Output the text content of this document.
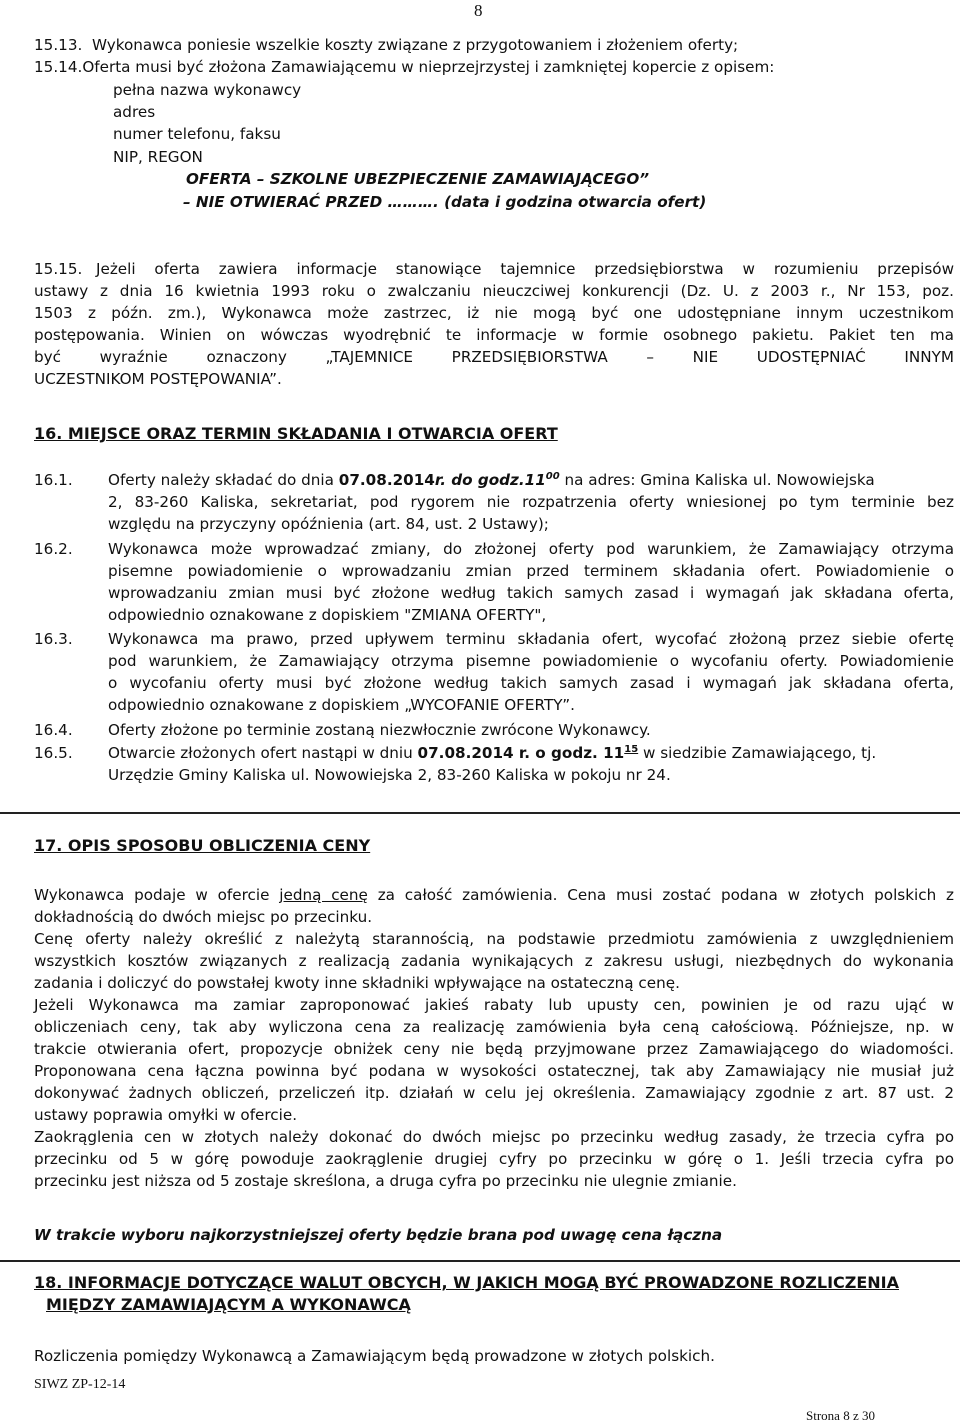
8
15.13. Wykonawca poniesie wszelkie koszty związane z przygotowaniem i złożeniem oferty;
15.14.Oferta musi być złożona Zamawiającemu w nieprzejrzystej i zamkniętej kopercie z opisem:
pełna nazwa wykonawcy
adres
numer telefonu, faksu
NIP, REGON
OFERTA – SZKOLNE UBEZPIECZENIE ZAMAWIAJĄCEGO”
– NIE OTWIERAĆ PRZED ………. (data i godzina otwarcia ofert)
15.15. Jeżeli oferta zawiera informacje stanowiące tajemnice przedsiębiorstwa w rozumieniu przepisów
ustawy z dnia 16 kwietnia 1993 roku o zwalczaniu nieuczciwej konkurencji (Dz. U. z 2003 r., Nr 153, poz.
1503 z późn. zm.), Wykonawca może zastrzec, iż nie mogą być one udostępniane innym uczestnikom
postępowania. Winien on wówczas wyodrębnić te informacje w formie osobnego pakietu. Pakiet ten ma
być wyraźnie oznaczony „TAJEMNICE PRZEDSIĘBIORSTWA – NIE UDOSTĘPNIAĆ INNYM
UCZESTNIKOM POSTĘPOWANIA”.
16. MIEJSCE ORAZ TERMIN SKŁADANIA I OTWARCIA OFERT
16.1. Oferty należy składać do dnia 07.08.2014r. do $godz.11^{00}$ na adres: Gmina Kaliska ul. Nowowiejska
2, 83-260 Kaliska, sekretariat, pod rygorem nie rozpatrzenia oferty wniesionej po tym terminie bez
względu na przyczyny opóźnienia (art. 84, ust. 2 Ustawy);
16.2. Wykonawca może wprowadzać zmiany, do złożonej oferty pod warunkiem, że Zamawiający otrzyma
pisemne powiadomienie o wprowadzaniu zmian przed terminem składania ofert. Powiadomienie o
wprowadzaniu zmian musi być złożone według takich samych zasad i wymagań jak składana oferta,
odpowiednio oznakowane z dopiskiem "ZMIANA OFERTY",
16.3. Wykonawca ma prawo, przed upływem terminu składania ofert, wycofać złożoną przez siebie ofertę
pod warunkiem, że Zamawiający otrzyma pisemne powiadomienie o wycofaniu oferty. Powiadomienie
o wycofaniu oferty musi być złożone według takich samych zasad i wymagań jak składana oferta,
odpowiednio oznakowane z dopiskiem „WYCOFANIE OFERTY”.
16.4. Oferty złożone po terminie zostaną niezwłocznie zwrócone Wykonawcy.
16.5. Otwarcie złożonych ofert nastąpi w dniu 07.08.2014 r. o godz. $11^{15}$ w siedzibie Zamawiającego, tj.
Urzędzie Gminy Kaliska ul. Nowowiejska 2, 83-260 Kaliska w pokoju nr 24.
17. OPIS SPOSOBU OBLICZENIA CENY
Wykonawca podaje w ofercie jedną cenę za całość zamówienia. Cena musi zostać podana w złotych polskich z
dokładnością do dwóch miejsc po przecinku.
Cenę oferty należy określić z należytą starannością, na podstawie przedmiotu zamówienia z uwzględnieniem
wszystkich kosztów związanych z realizacją zadania wynikających z zakresu usługi, niezbędnych do wykonania
zadania i doliczyć do powstałej kwoty inne składniki wpływające na ostateczną cenę.
Jeżeli Wykonawca ma zamiar zaproponować jakieś rabaty lub upusty cen, powinien je od razu ująć w
obliczeniach ceny, tak aby wyliczona cena za realizację zamówienia była ceną całościową. Późniejsze, np. w
trakcie otwierania ofert, propozycje obniżek ceny nie będą przyjmowane przez Zamawiającego do wiadomości.
Proponowana cena łączna powinna być podana w wysokości ostatecznej, tak aby Zamawiający nie musiał już
dokonywać żadnych obliczeń, przeliczeń itp. działań w celu jej określenia. Zamawiający zgodnie z art. 87 ust. 2
ustawy poprawia omyłki w ofercie.
Zaokrąglenia cen w złotych należy dokonać do dwóch miejsc po przecinku według zasady, że trzecia cyfra po
przecinku od 5 w górę powoduje zaokrąglenie drugiej cyfry po przecinku w górę o 1. Jeśli trzecia cyfra po
przecinku jest niższa od 5 zostaje skreślona, a druga cyfra po przecinku nie ulegnie zmianie.
W trakcie wyboru najkorzystniejszej oferty będzie brana pod uwagę cena łączna
18. INFORMACJE DOTYCZĄCE WALUT OBCYCH, W JAKICH MOGĄ BYĆ PROWADZONE ROZLICZENIA
MIĘDZY ZAMAWIAJĄCYM A WYKONAWCĄ
Rozliczenia pomiędzy Wykonawcą a Zamawiającym będą prowadzone w złotych polskich.
SIWZ ZP-12-14
Strona 8 z 30
